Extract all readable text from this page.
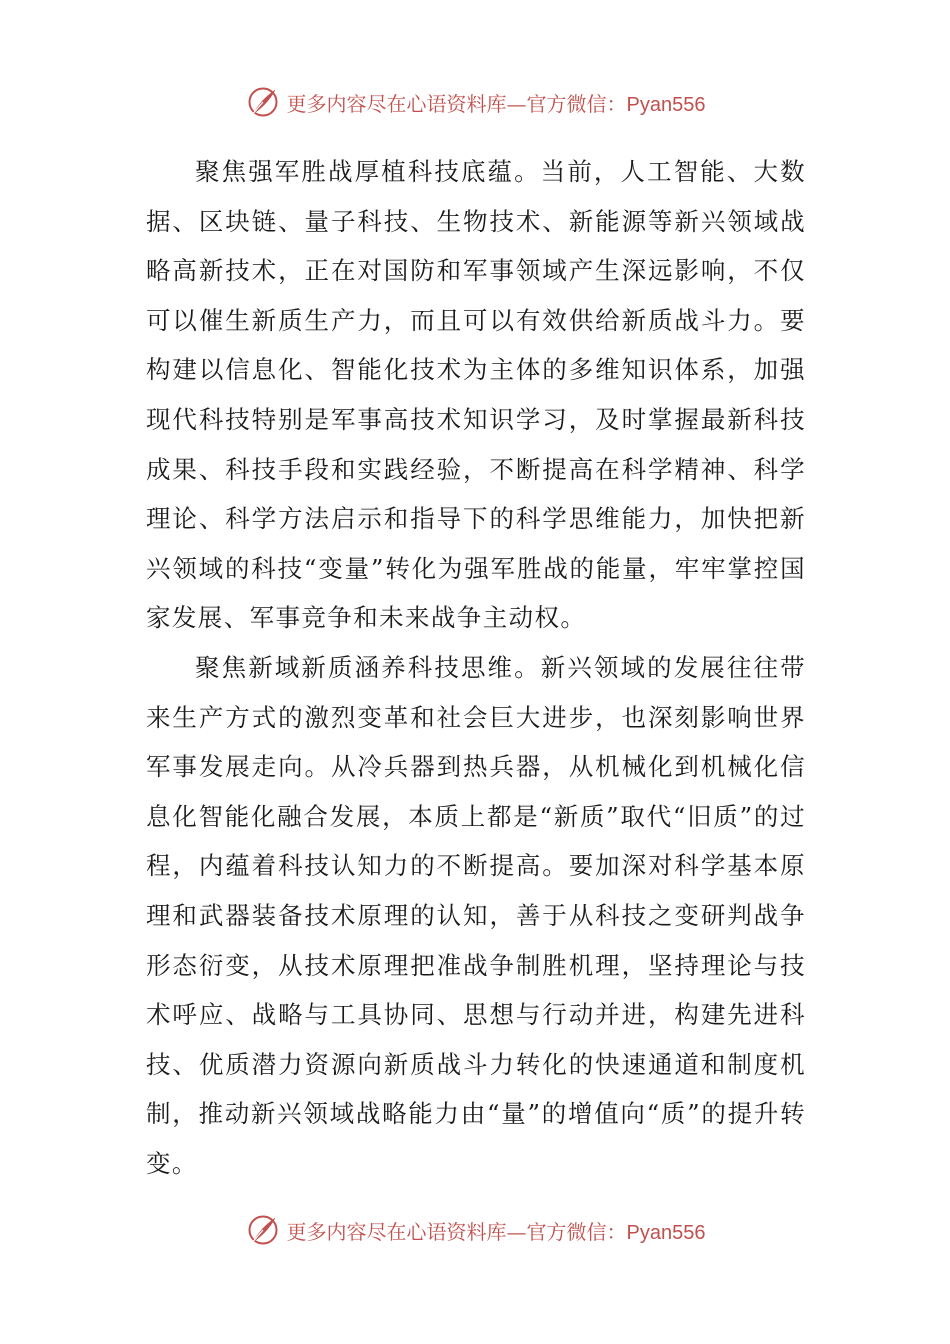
更多内容尽在心语资料库—官方微信：Pyan556

聚焦强军胜战厚植科技底蕴。当前，人工智能、大数据、区块链、量子科技、生物技术、新能源等新兴领域战略高新技术，正在对国防和军事领域产生深远影响，不仅可以催生新质生产力，而且可以有效供给新质战斗力。要构建以信息化、智能化技术为主体的多维知识体系，加强现代科技特别是军事高技术知识学习，及时掌握最新科技成果、科技手段和实践经验，不断提高在科学精神、科学理论、科学方法启示和指导下的科学思维能力，加快把新兴领域的科技“变量”转化为强军胜战的能量，牢牢掌控国家发展、军事竞争和未来战争主动权。

聚焦新域新质涵养科技思维。新兴领域的发展往往带来生产方式的激烈变革和社会巨大进步，也深刻影响世界军事发展走向。从冷兵器到热兵器，从机械化到机械化信息化智能化融合发展，本质上都是“新质”取代“旧质”的过程，内蕴着科技认知力的不断提高。要加深对科学基本原理和武器装备技术原理的认知，善于从科技之变研判战争形态衍变，从技术原理把准战争制胜机理，坚持理论与技术呼应、战略与工具协同、思想与行动并进，构建先进科技、优质潜力资源向新质战斗力转化的快速通道和制度机制，推动新兴领域战略能力由“量”的增值向“质”的提升转变。

更多内容尽在心语资料库—官方微信：Pyan556
